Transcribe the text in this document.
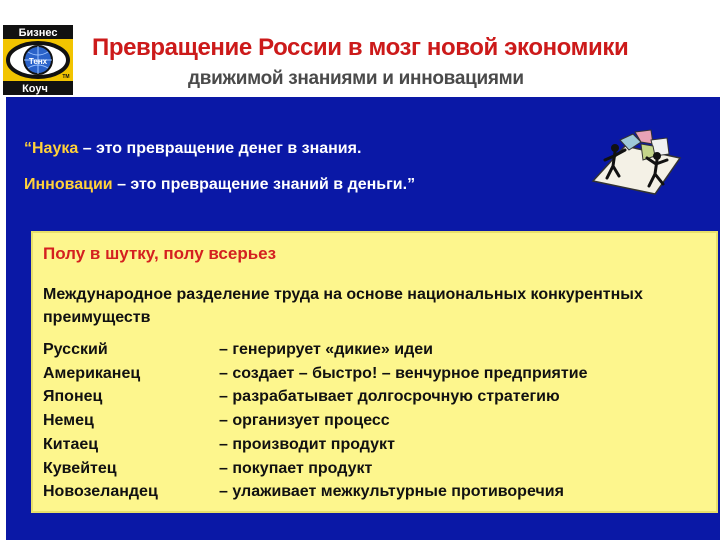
Бизнес
Коуч
Тенх
TM
Превращение России в мозг новой экономики
движимой знаниями и инновациями
“Наука – это превращение денег в знания.
Инновации – это превращение знаний в деньги.”
Полу в шутку, полу всерьез
Международное разделение труда на основе национальных конкурентных преимуществ
Русский	– генерирует «дикие» идеи
Американец	– создает – быстро! – венчурное предприятие
Японец	– разрабатывает долгосрочную стратегию
Немец	– организует процесс
Китаец	– производит продукт
Кувейтец	– покупает продукт
Новозеландец	– улаживает межкультурные противоречия
